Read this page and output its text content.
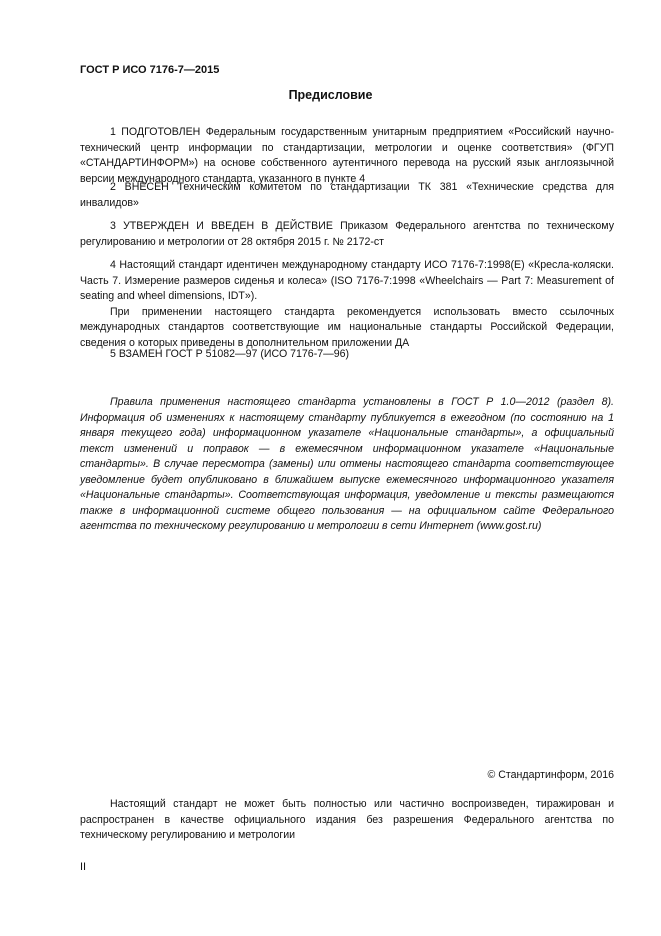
ГОСТ Р ИСО 7176-7—2015
Предисловие

1 ПОДГОТОВЛЕН Федеральным государственным унитарным предприятием «Российский научно-технический центр информации по стандартизации, метрологии и оценке соответствия» (ФГУП «СТАНДАРТИНФОРМ») на основе собственного аутентичного перевода на русский язык англоязычной версии международного стандарта, указанного в пункте 4

2 ВНЕСЕН Техническим комитетом по стандартизации ТК 381 «Технические средства для инвалидов»

3 УТВЕРЖДЕН И ВВЕДЕН В ДЕЙСТВИЕ Приказом Федерального агентства по техническому регулированию и метрологии от 28 октября 2015 г. № 2172-ст

4 Настоящий стандарт идентичен международному стандарту ИСО 7176-7:1998(Е) «Кресла-коляски. Часть 7. Измерение размеров сиденья и колеса» (ISO 7176-7:1998 «Wheelchairs — Part 7: Measurement of seating and wheel dimensions, IDT»).

При применении настоящего стандарта рекомендуется использовать вместо ссылочных международных стандартов соответствующие им национальные стандарты Российской Федерации, сведения о которых приведены в дополнительном приложении ДА

5 ВЗАМЕН ГОСТ Р 51082—97 (ИСО 7176-7—96)

Правила применения настоящего стандарта установлены в ГОСТ Р 1.0—2012 (раздел 8). Информация об изменениях к настоящему стандарту публикуется в ежегодном (по состоянию на 1 января текущего года) информационном указателе «Национальные стандарты», а официальный текст изменений и поправок — в ежемесячном информационном указателе «Национальные стандарты». В случае пересмотра (замены) или отмены настоящего стандарта соответствующее уведомление будет опубликовано в ближайшем выпуске ежемесячного информационного указателя «Национальные стандарты». Соответствующая информация, уведомление и тексты размещаются также в информационной системе общего пользования — на официальном сайте Федерального агентства по техническому регулированию и метрологии в сети Интернет (www.gost.ru)

© Стандартинформ, 2016

Настоящий стандарт не может быть полностью или частично воспроизведен, тиражирован и распространен в качестве официального издания без разрешения Федерального агентства по техническому регулированию и метрологии

II
